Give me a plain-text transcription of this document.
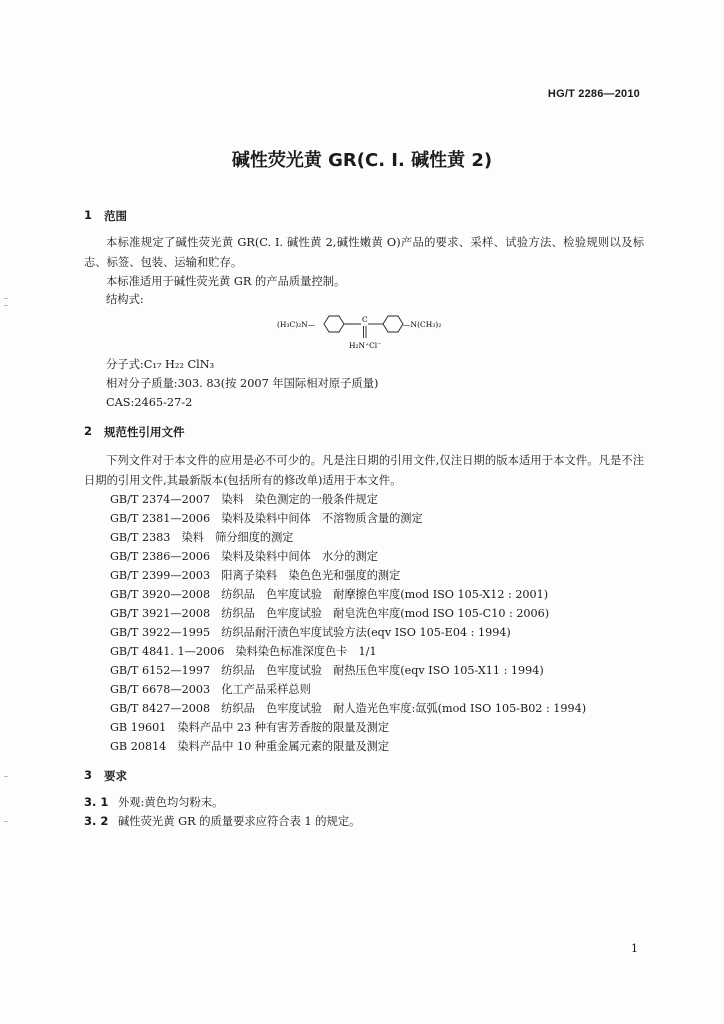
HG/T 2286—2010
碱性荧光黄 GR(C. I. 碱性黄 2)
1 范围
本标准规定了碱性荧光黄 GR(C. I. 碱性黄 2,碱性嫩黄 O)产品的要求、采样、试验方法、检验规则以及标志、标签、包装、运输和贮存。
本标准适用于碱性荧光黄 GR 的产品质量控制。
结构式:
(H₃C)₂N—
C
—N(CH₃)₂
H₂N⁺Cl⁻
分子式:C₁₇ H₂₂ ClN₃
相对分子质量:303. 83(按 2007 年国际相对原子质量)
CAS:2465-27-2
2 规范性引用文件
下列文件对于本文件的应用是必不可少的。凡是注日期的引用文件,仅注日期的版本适用于本文件。凡是不注日期的引用文件,其最新版本(包括所有的修改单)适用于本文件。
GB/T 2374—2007　染料　染色测定的一般条件规定
GB/T 2381—2006　染料及染料中间体　不溶物质含量的测定
GB/T 2383　染料　筛分细度的测定
GB/T 2386—2006　染料及染料中间体　水分的测定
GB/T 2399—2003　阳离子染料　染色色光和强度的测定
GB/T 3920—2008　纺织品　色牢度试验　耐摩擦色牢度(mod ISO 105-X12 : 2001)
GB/T 3921—2008　纺织品　色牢度试验　耐皂洗色牢度(mod ISO 105-C10 : 2006)
GB/T 3922—1995　纺织品耐汗渍色牢度试验方法(eqv ISO 105-E04 : 1994)
GB/T 4841. 1—2006　染料染色标准深度色卡　1/1
GB/T 6152—1997　纺织品　色牢度试验　耐热压色牢度(eqv ISO 105-X11 : 1994)
GB/T 6678—2003　化工产品采样总则
GB/T 8427—2008　纺织品　色牢度试验　耐人造光色牢度:氙弧(mod ISO 105-B02 : 1994)
GB 19601　染料产品中 23 种有害芳香胺的限量及测定
GB 20814　染料产品中 10 种重金属元素的限量及测定
3 要求
3. 1 外观:黄色均匀粉末。
3. 2 碱性荧光黄 GR 的质量要求应符合表 1 的规定。
1
